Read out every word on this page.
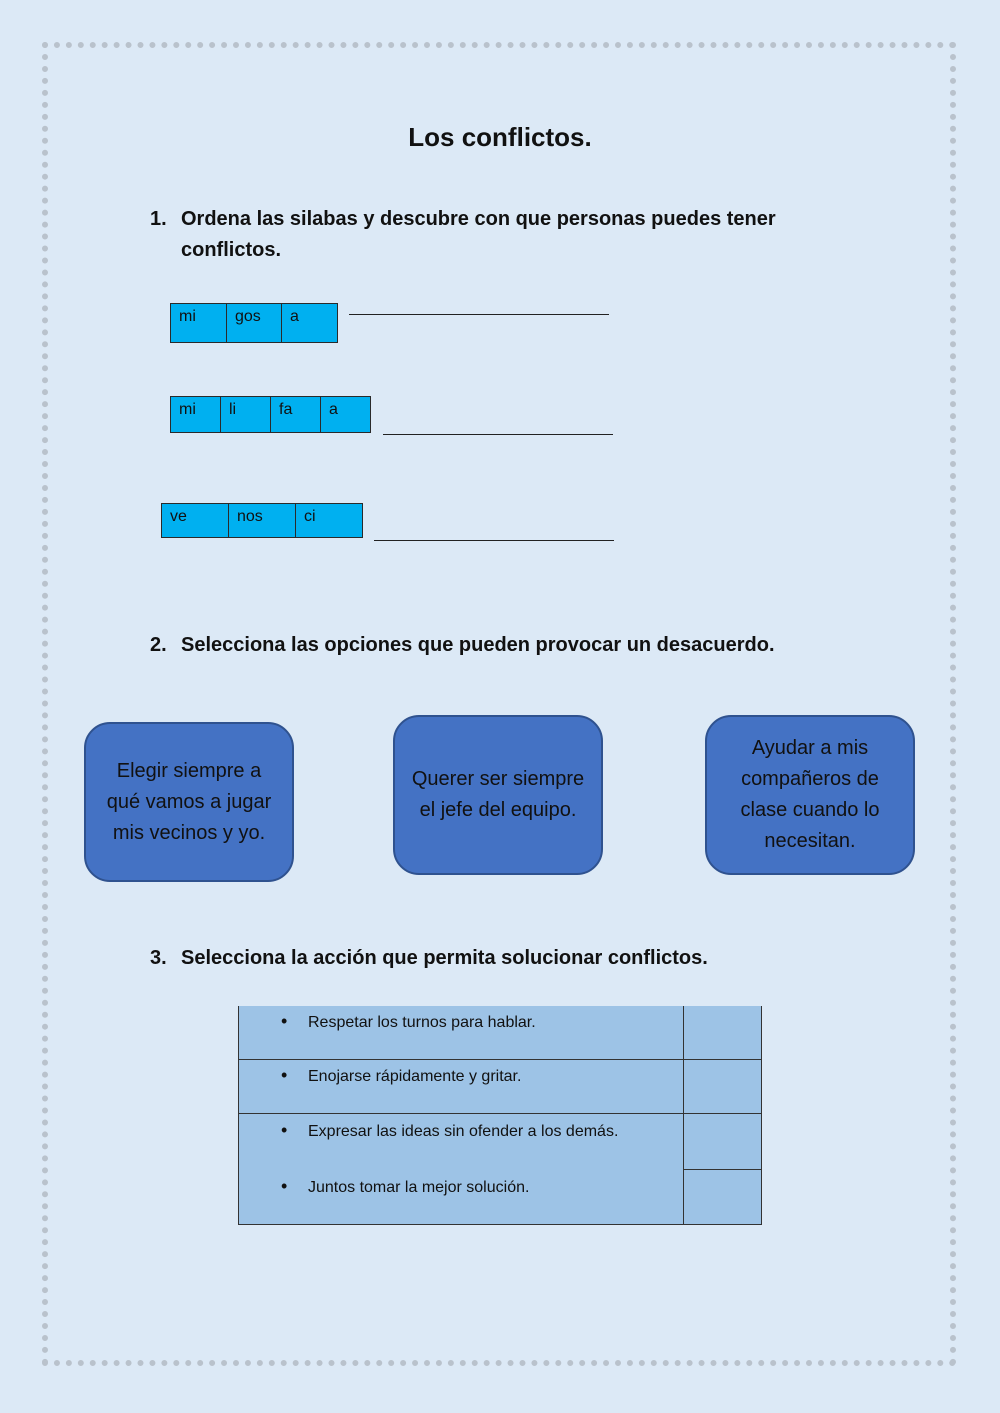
Los conflictos.
1. Ordena las silabas y descubre con que personas puedes tener
conflictos.
mi	gos	a
mi	li	fa	a
ve	nos	ci
2. Selecciona las opciones que pueden provocar un desacuerdo.
Elegir siempre a qué vamos a jugar mis vecinos y yo.
Querer ser siempre el jefe del equipo.
Ayudar a mis compañeros de clase cuando lo necesitan.
3. Selecciona la acción que permita solucionar conflictos.
• Respetar los turnos para hablar.
• Enojarse rápidamente y gritar.
• Expresar las ideas sin ofender a los demás.
• Juntos tomar la mejor solución.
